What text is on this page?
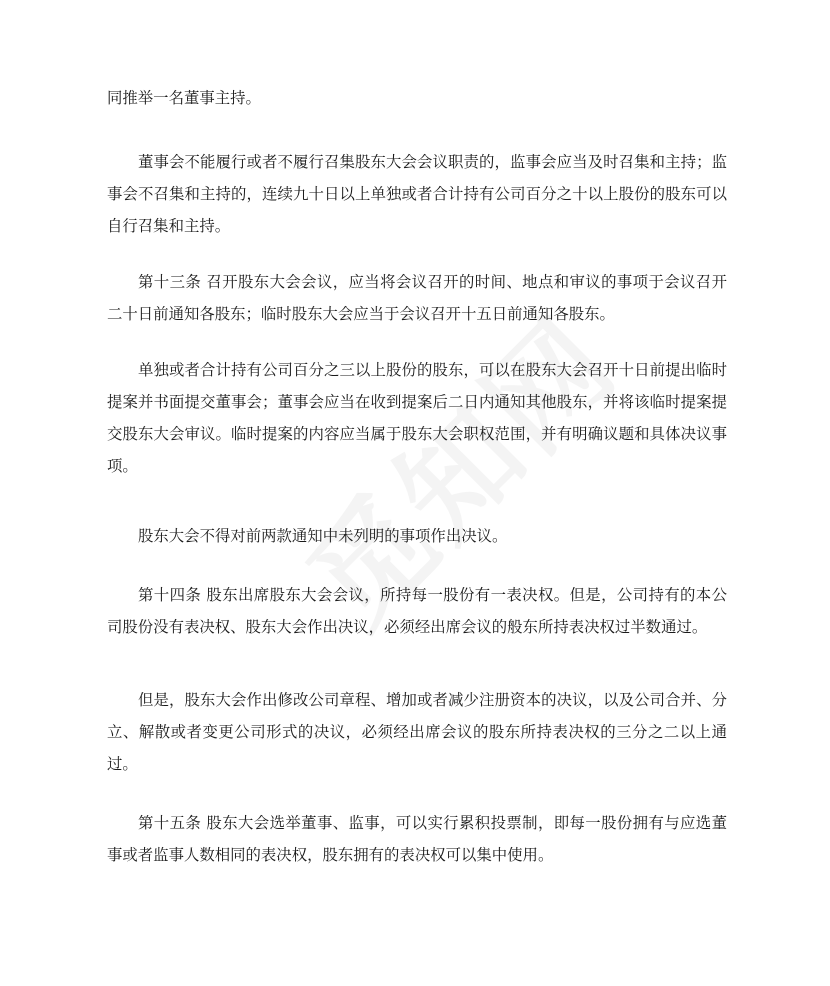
同推举一名董事主持。

董事会不能履行或者不履行召集股东大会会议职责的，监事会应当及时召集和主持；监事会不召集和主持的，连续九十日以上单独或者合计持有公司百分之十以上股份的股东可以自行召集和主持。

第十三条 召开股东大会会议，应当将会议召开的时间、地点和审议的事项于会议召开二十日前通知各股东；临时股东大会应当于会议召开十五日前通知各股东。

单独或者合计持有公司百分之三以上股份的股东，可以在股东大会召开十日前提出临时提案并书面提交董事会；董事会应当在收到提案后二日内通知其他股东，并将该临时提案提交股东大会审议。临时提案的内容应当属于股东大会职权范围，并有明确议题和具体决议事项。

股东大会不得对前两款通知中未列明的事项作出决议。

第十四条 股东出席股东大会会议，所持每一股份有一表决权。但是，公司持有的本公司股份没有表决权、股东大会作出决议，必须经出席会议的般东所持表决权过半数通过。

但是，股东大会作出修改公司章程、增加或者减少注册资本的决议，以及公司合并、分立、解散或者变更公司形式的决议，必须经出席会议的股东所持表决权的三分之二以上通过。

第十五条 股东大会选举董事、监事，可以实行累积投票制，即每一股份拥有与应选董事或者监事人数相同的表决权，股东拥有的表决权可以集中使用。
